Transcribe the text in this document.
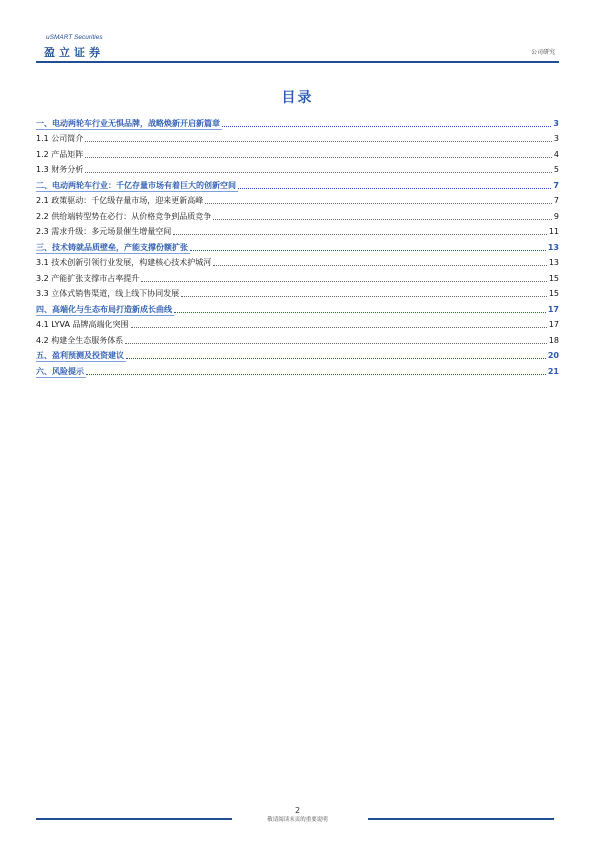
uSMART Securities
盈立证券	公司研究
目录
一、电动两轮车行业无惧品牌，战略焕新开启新篇章	3
1.1 公司简介	3
1.2 产品矩阵	4
1.3 财务分析	5
二、电动两轮车行业：千亿存量市场有着巨大的创新空间	7
2.1 政策驱动：千亿级存量市场，迎来更新高峰	7
2.2 供给端转型势在必行：从价格竞争到品质竞争	9
2.3 需求升级：多元场景催生增量空间	11
三、技术铸就品质壁垒，产能支撑份额扩张	13
3.1 技术创新引领行业发展，构建核心技术护城河	13
3.2 产能扩张支撑市占率提升	15
3.3 立体式销售渠道，线上线下协同发展	15
四、高端化与生态布局打造新成长曲线	17
4.1 LYVA 品牌高端化突围	17
4.2 构建全生态服务体系	18
五、盈利预测及投资建议	20
六、风险提示	21
2
敬请阅读末页的重要说明
